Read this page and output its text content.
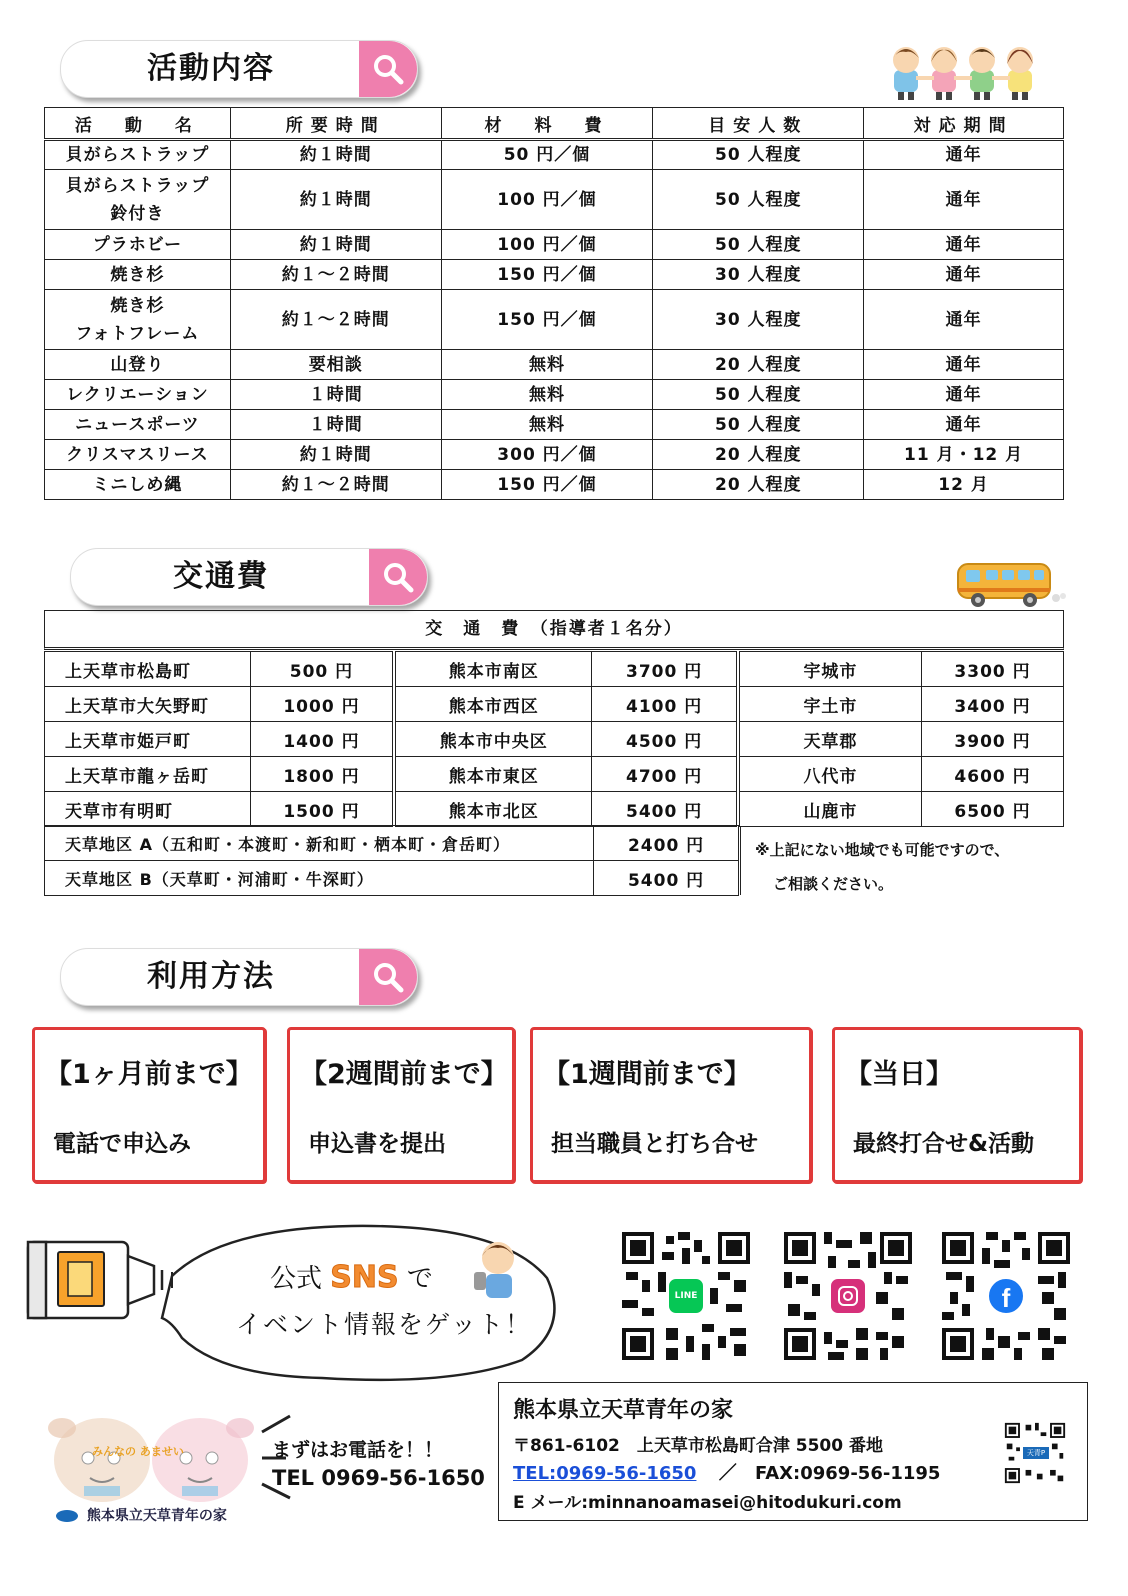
活動内容
活　動　名	所要時間	材　料　費	目安人数	対応期間
貝がらストラップ	約１時間	50 円／個	50 人程度	通年
貝がらストラップ
鈴付き	約１時間	100 円／個	50 人程度	通年
プラホビー	約１時間	100 円／個	50 人程度	通年
焼き杉	約１～２時間	150 円／個	30 人程度	通年
焼き杉
フォトフレーム	約１～２時間	150 円／個	30 人程度	通年
山登り	要相談	無料	20 人程度	通年
レクリエーション	１時間	無料	50 人程度	通年
ニュースポーツ	１時間	無料	50 人程度	通年
クリスマスリース	約１時間	300 円／個	20 人程度	11 月・12 月
ミニしめ縄	約１～２時間	150 円／個	20 人程度	12 月
交通費
交　通　費　（指導者１名分）
上天草市松島町	500 円	熊本市南区	3700 円	宇城市	3300 円
上天草市大矢野町	1000 円	熊本市西区	4100 円	宇土市	3400 円
上天草市姫戸町	1400 円	熊本市中央区	4500 円	天草郡	3900 円
上天草市龍ヶ岳町	1800 円	熊本市東区	4700 円	八代市	4600 円
天草市有明町	1500 円	熊本市北区	5400 円	山鹿市	6500 円
天草地区 A（五和町・本渡町・新和町・栖本町・倉岳町）	2400 円
天草地区 B（天草町・河浦町・牛深町）	5400 円
※上記にない地域でも可能ですので、
ご相談ください。
利用方法
【1ヶ月前まで】
電話で申込み
【2週間前まで】
申込書を提出
【1週間前まで】
担当職員と打ち合せ
【当日】
最終打合せ&活動
公式 SNS で
イベント情報をゲット！
LINE	f
みんなの あませい
熊本県立天草青年の家
まずはお電話を！！
TEL 0969-56-1650
熊本県立天草青年の家
〒861-6102　上天草市松島町合津 5500 番地
TEL:0969-56-1650 ／ FAX:0969-56-1195
E メール:minnanoamasei@hitodukuri.com
天青P
